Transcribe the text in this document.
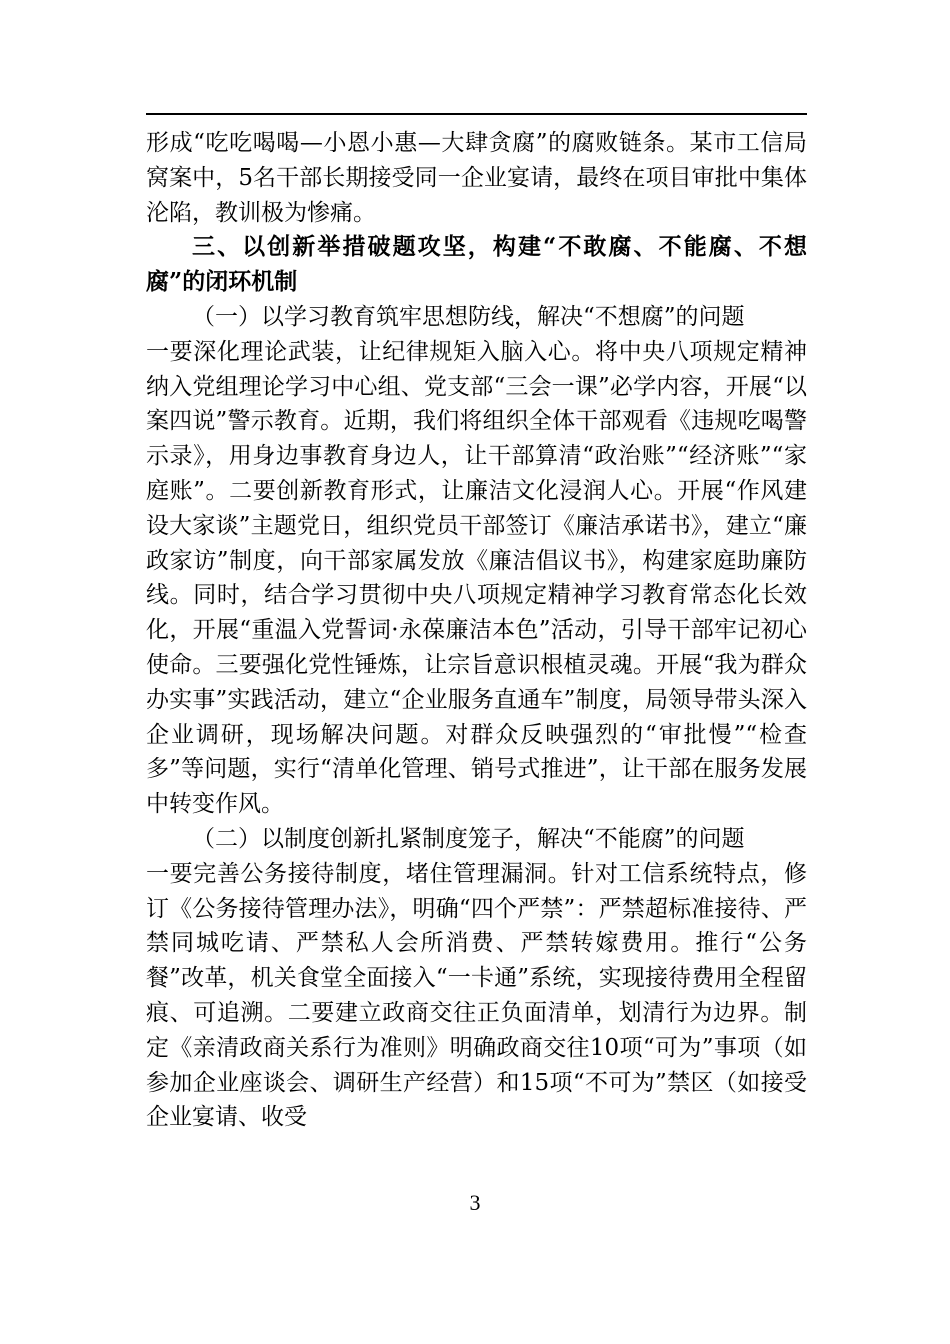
形成“吃吃喝喝—小恩小惠—大肆贪腐”的腐败链条。某市工信局窝案中，5名干部长期接受同一企业宴请，最终在项目审批中集体沦陷，教训极为惨痛。

三、以创新举措破题攻坚，构建“不敢腐、不能腐、不想腐”的闭环机制

（一）以学习教育筑牢思想防线，解决“不想腐”的问题

一要深化理论武装，让纪律规矩入脑入心。将中央八项规定精神纳入党组理论学习中心组、党支部“三会一课”必学内容，开展“以案四说”警示教育。近期，我们将组织全体干部观看《违规吃喝警示录》，用身边事教育身边人，让干部算清“政治账”“经济账”“家庭账”。二要创新教育形式，让廉洁文化浸润人心。开展“作风建设大家谈”主题党日，组织党员干部签订《廉洁承诺书》，建立“廉政家访”制度，向干部家属发放《廉洁倡议书》，构建家庭助廉防线。同时，结合学习贯彻中央八项规定精神学习教育常态化长效化，开展“重温入党誓词·永葆廉洁本色”活动，引导干部牢记初心使命。三要强化党性锤炼，让宗旨意识根植灵魂。开展“我为群众办实事”实践活动，建立“企业服务直通车”制度，局领导带头深入企业调研，现场解决问题。对群众反映强烈的“审批慢”“检查多”等问题，实行“清单化管理、销号式推进”，让干部在服务发展中转变作风。

（二）以制度创新扎紧制度笼子，解决“不能腐”的问题

一要完善公务接待制度，堵住管理漏洞。针对工信系统特点，修订《公务接待管理办法》，明确“四个严禁”：严禁超标准接待、严禁同城吃请、严禁私人会所消费、严禁转嫁费用。推行“公务餐”改革，机关食堂全面接入“一卡通”系统，实现接待费用全程留痕、可追溯。二要建立政商交往正负面清单，划清行为边界。制定《亲清政商关系行为准则》明确政商交往10项“可为”事项（如参加企业座谈会、调研生产经营）和15项“不可为”禁区（如接受企业宴请、收受

3
